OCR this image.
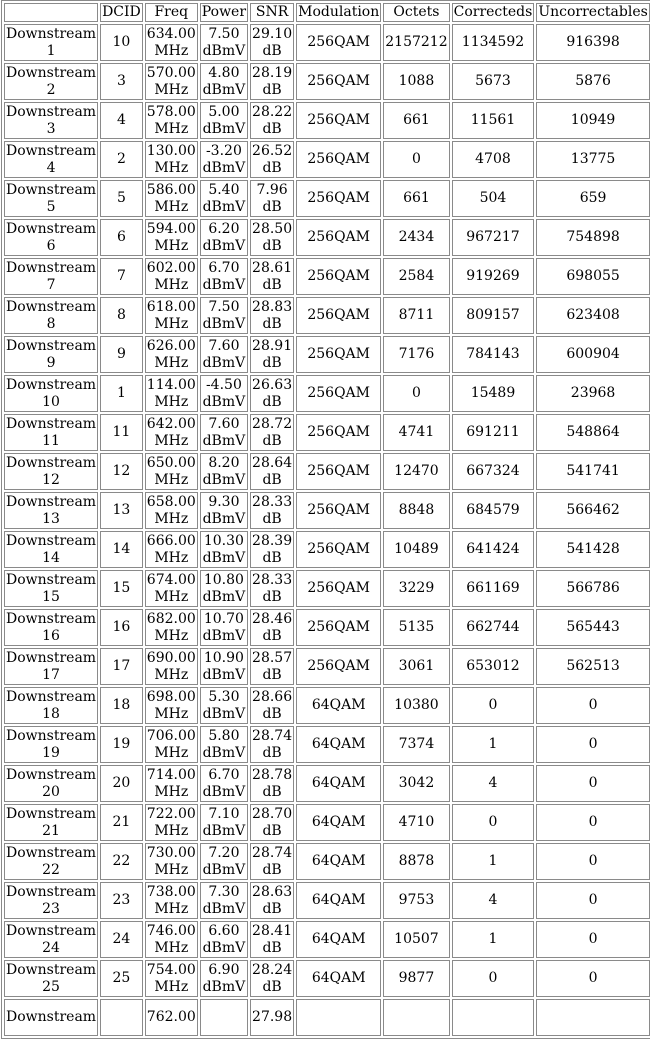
	DCID	Freq	Power	SNR	Modulation	Octets	Correcteds	Uncorrectables
Downstream 1	10	634.00 MHz	7.50 dBmV	29.10 dB	256QAM	2157212	1134592	916398
Downstream 2	3	570.00 MHz	4.80 dBmV	28.19 dB	256QAM	1088	5673	5876
Downstream 3	4	578.00 MHz	5.00 dBmV	28.22 dB	256QAM	661	11561	10949
Downstream 4	2	130.00 MHz	-3.20 dBmV	26.52 dB	256QAM	0	4708	13775
Downstream 5	5	586.00 MHz	5.40 dBmV	7.96 dB	256QAM	661	504	659
Downstream 6	6	594.00 MHz	6.20 dBmV	28.50 dB	256QAM	2434	967217	754898
Downstream 7	7	602.00 MHz	6.70 dBmV	28.61 dB	256QAM	2584	919269	698055
Downstream 8	8	618.00 MHz	7.50 dBmV	28.83 dB	256QAM	8711	809157	623408
Downstream 9	9	626.00 MHz	7.60 dBmV	28.91 dB	256QAM	7176	784143	600904
Downstream 10	1	114.00 MHz	-4.50 dBmV	26.63 dB	256QAM	0	15489	23968
Downstream 11	11	642.00 MHz	7.60 dBmV	28.72 dB	256QAM	4741	691211	548864
Downstream 12	12	650.00 MHz	8.20 dBmV	28.64 dB	256QAM	12470	667324	541741
Downstream 13	13	658.00 MHz	9.30 dBmV	28.33 dB	256QAM	8848	684579	566462
Downstream 14	14	666.00 MHz	10.30 dBmV	28.39 dB	256QAM	10489	641424	541428
Downstream 15	15	674.00 MHz	10.80 dBmV	28.33 dB	256QAM	3229	661169	566786
Downstream 16	16	682.00 MHz	10.70 dBmV	28.46 dB	256QAM	5135	662744	565443
Downstream 17	17	690.00 MHz	10.90 dBmV	28.57 dB	256QAM	3061	653012	562513
Downstream 18	18	698.00 MHz	5.30 dBmV	28.66 dB	64QAM	10380	0	0
Downstream 19	19	706.00 MHz	5.80 dBmV	28.74 dB	64QAM	7374	1	0
Downstream 20	20	714.00 MHz	6.70 dBmV	28.78 dB	64QAM	3042	4	0
Downstream 21	21	722.00 MHz	7.10 dBmV	28.70 dB	64QAM	4710	0	0
Downstream 22	22	730.00 MHz	7.20 dBmV	28.74 dB	64QAM	8878	1	0
Downstream 23	23	738.00 MHz	7.30 dBmV	28.63 dB	64QAM	9753	4	0
Downstream 24	24	746.00 MHz	6.60 dBmV	28.41 dB	64QAM	10507	1	0
Downstream 25	25	754.00 MHz	6.90 dBmV	28.24 dB	64QAM	9877	0	0
Downstream		762.00		27.98				
